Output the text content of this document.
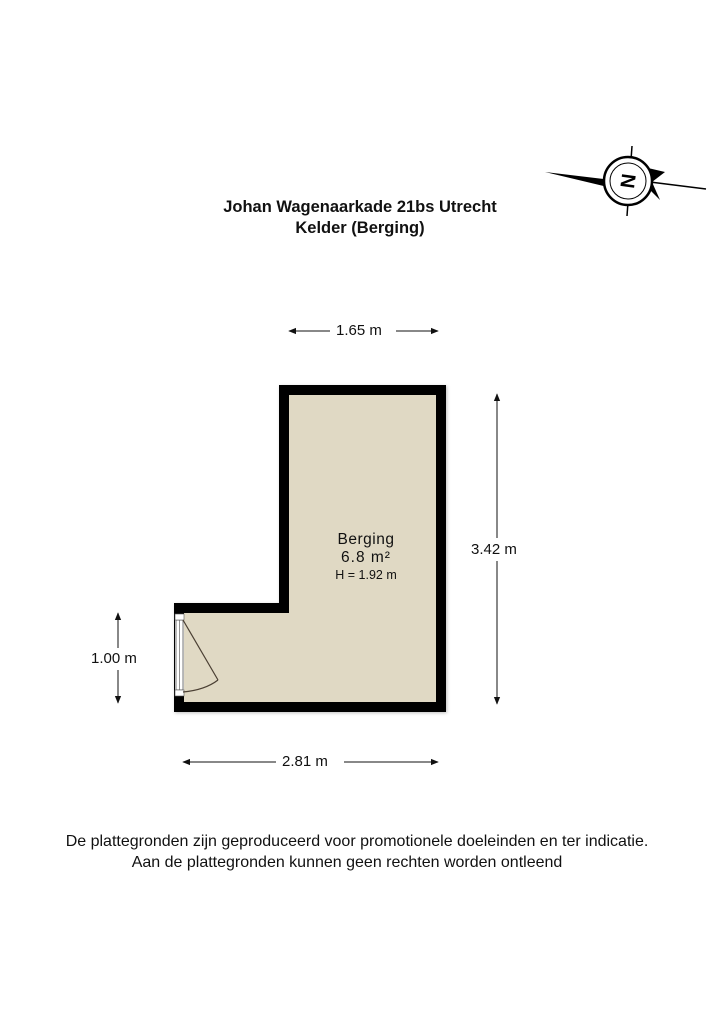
Johan Wagenaarkade 21bs Utrecht
Kelder (Berging)
N
1.65 m
3.42 m
1.00 m
2.81 m
Berging
6.8 m²
H = 1.92 m
De plattegronden zijn geproduceerd voor promotionele doeleinden en ter indicatie.
Aan de plattegronden kunnen geen rechten worden ontleend
